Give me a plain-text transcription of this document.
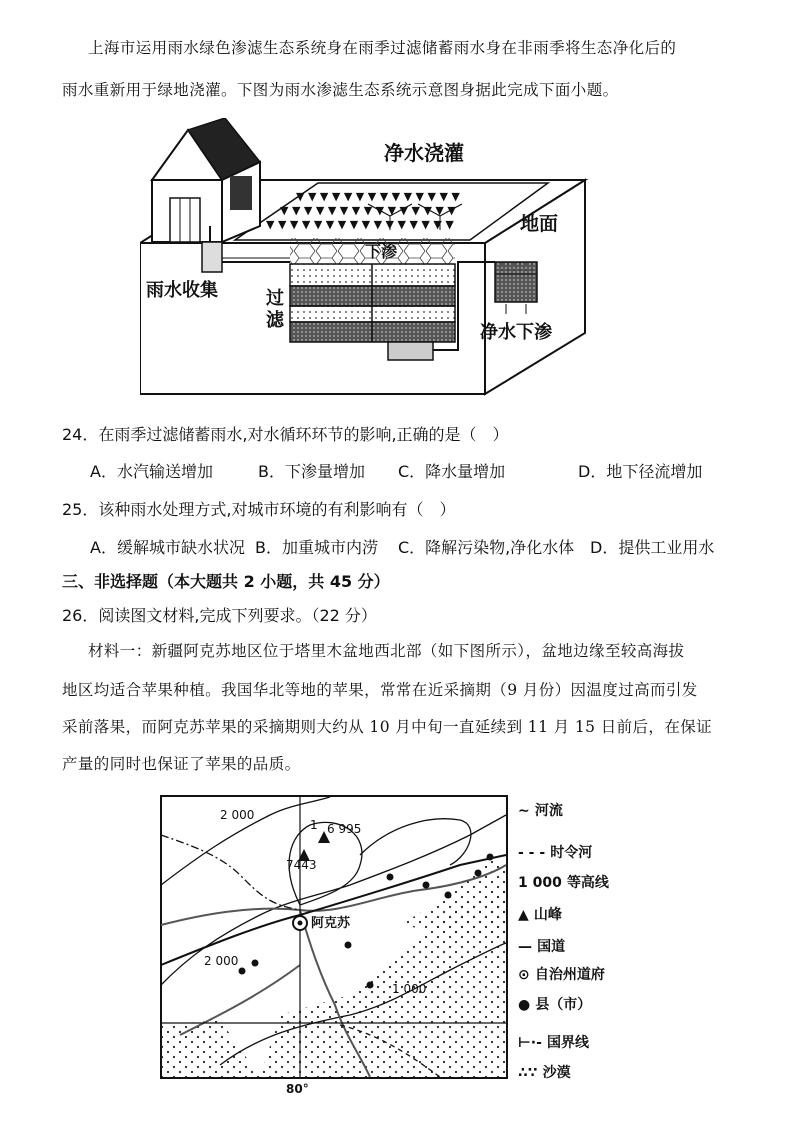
上海市运用雨水绿色渗滤生态系统身在雨季过滤储蓄雨水身在非雨季将生态净化后的
雨水重新用于绿地浇灌。下图为雨水渗滤生态系统示意图身据此完成下面小题。
▼ ▼ ▼ ▼ ▼ ▼ ▼ ▼ ▼ ▼ ▼ ▼ ▼ ▼ ▼
▼ ▼ ▼ ▼ ▼ ▼ ▼ ▼ ▼ ▼ ▼ ▼ ▼ ▼ ▼ ▼
▼ ▼ ▼ ▼ ▼ ▼ ▼ ▼ ▼ ▼ ▼ ▼ ▼ ▼
净水浇灌
地面
下渗
雨水收集	过
滤
净水下渗
24．在雨季过滤储蓄雨水,对水循环环节的影响,正确的是（　）
A．水汽输送增加	B．下渗量增加 C．降水量增加	D．地下径流增加
25．该种雨水处理方式,对城市环境的有利影响有（　）
A．缓解城市缺水状况 B．加重城市内涝 C．降解污染物,净化水体 D．提供工业用水
三、非选择题（本大题共 2 小题，共 45 分）
26．阅读图文材料,完成下列要求。（22 分）
材料一：新疆阿克苏地区位于塔里木盆地西北部（如下图所示），盆地边缘至较高海拔
地区均适合苹果种植。我国华北等地的苹果，常常在近采摘期（9 月份）因温度过高而引发
采前落果，而阿克苏苹果的采摘期则大约从 10 月中旬一直延续到 11 月 15 日前后，在保证
产量的同时也保证了苹果的品质。
2 000
2 000
1 000
1 6 995
7443
阿克苏
80°
∼ 河流
- - - 时令河
1 000 等高线
▲ 山峰
— 国道
⊙ 自治州道府
● 县（市）
⊢·- 国界线
∴∵ 沙漠
